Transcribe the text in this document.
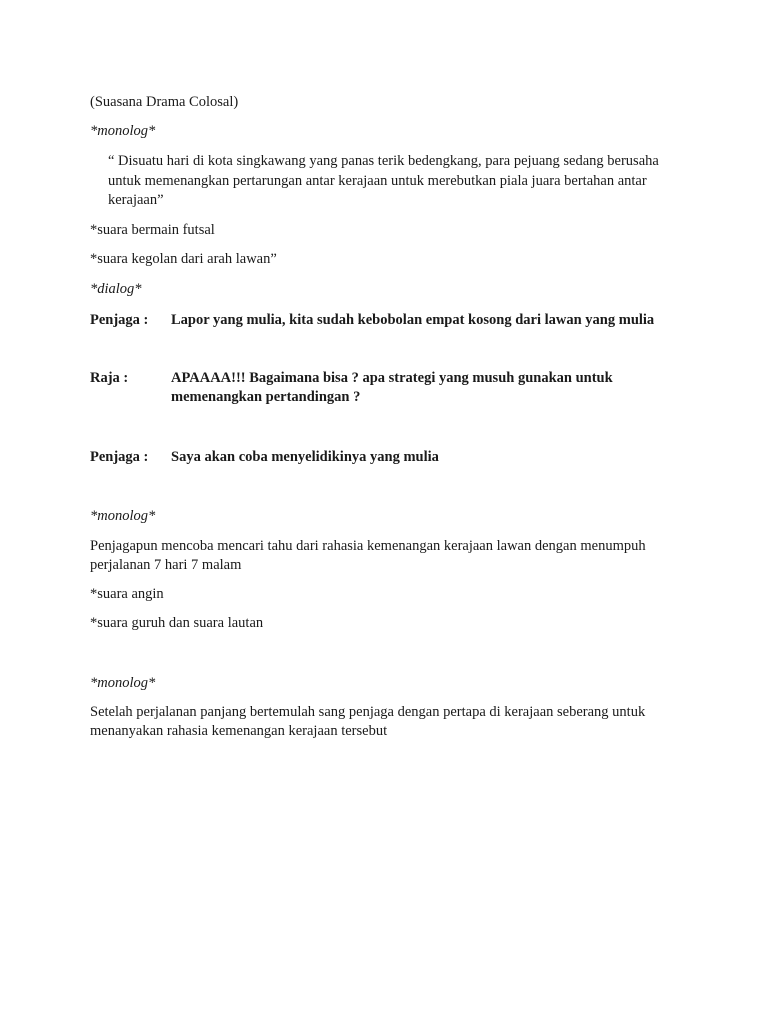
(Suasana Drama Colosal)
*monolog*
“ Disuatu hari di kota singkawang yang panas terik bedengkang, para pejuang sedang berusaha untuk memenangkan pertarungan antar kerajaan untuk merebutkan piala juara bertahan antar kerajaan”
*suara bermain futsal
*suara kegolan dari arah lawan”
*dialog*
Penjaga : Lapor yang mulia, kita sudah kebobolan empat kosong dari lawan yang mulia
Raja :	APAAAA!!! Bagaimana bisa ? apa strategi yang musuh gunakan untuk memenangkan pertandingan ?
Penjaga : Saya akan coba menyelidikinya yang mulia
*monolog*
Penjagapun mencoba mencari tahu dari rahasia kemenangan kerajaan lawan dengan menumpuh perjalanan 7 hari 7 malam
*suara angin
*suara guruh dan suara lautan
*monolog*
Setelah perjalanan panjang bertemulah sang penjaga dengan pertapa di kerajaan seberang untuk menanyakan rahasia kemenangan kerajaan tersebut
